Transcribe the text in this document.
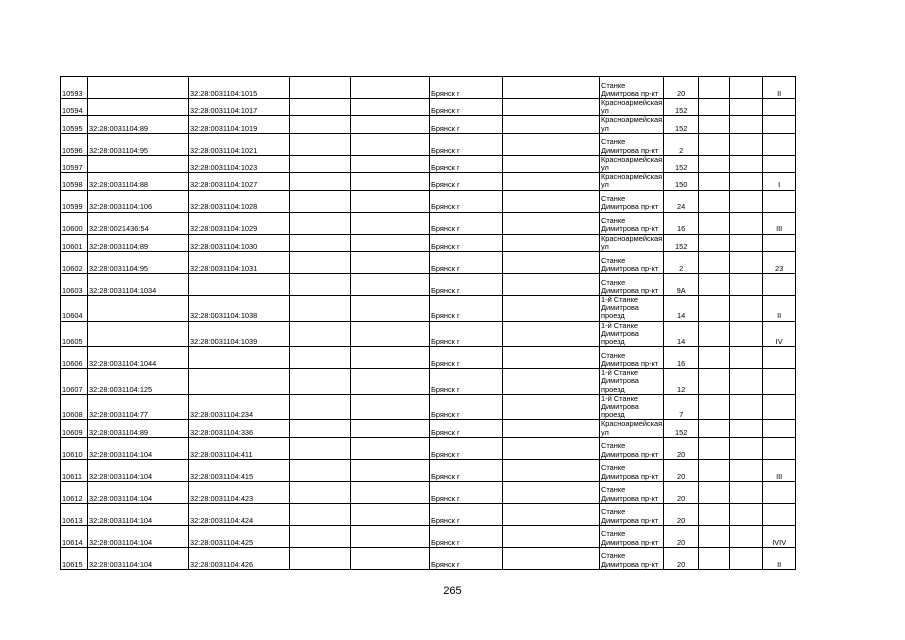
10593		32:28:0031104:1015			Брянск г		Станке Димитрова пр-кт	20			II
10594		32:28:0031104:1017			Брянск г		Красноармейская ул	152			
10595	32:28:0031104:89	32:28:0031104:1019			Брянск г		Красноармейская ул	152			
10596	32:28:0031104:95	32:28:0031104:1021			Брянск г		Станке Димитрова пр-кт	2			
10597		32:28:0031104:1023			Брянск г		Красноармейская ул	152			
10598	32:28:0031104:88	32:28:0031104:1027			Брянск г		Красноармейская ул	150			I
10599	32:28:0031104:106	32:28:0031104:1028			Брянск г		Станке Димитрова пр-кт	24			
10600	32:28:0021436:54	32:28:0031104:1029			Брянск г		Станке Димитрова пр-кт	16			III
10601	32:28:0031104:89	32:28:0031104:1030			Брянск г		Красноармейская ул	152			
10602	32:28:0031104:95	32:28:0031104:1031			Брянск г		Станке Димитрова пр-кт	2			23
10603	32:28:0031104:1034				Брянск г		Станке Димитрова пр-кт	9А			
10604		32:28:0031104:1038			Брянск г		1-й Станке Димитрова проезд	14			II
10605		32:28:0031104:1039			Брянск г		1-й Станке Димитрова проезд	14			IV
10606	32:28:0031104:1044				Брянск г		Станке Димитрова пр-кт	16			
10607	32:28:0031104:125				Брянск г		1-й Станке Димитрова проезд	12			
10608	32:28:0031104:77	32:28:0031104:234			Брянск г		1-й Станке Димитрова проезд	7			
10609	32:28:0031104:89	32:28:0031104:336			Брянск г		Красноармейская ул	152			
10610	32:28:0031104:104	32:28:0031104:411			Брянск г		Станке Димитрова пр-кт	20			
10611	32:28:0031104:104	32:28:0031104:415			Брянск г		Станке Димитрова пр-кт	20			III
10612	32:28:0031104:104	32:28:0031104:423			Брянск г		Станке Димитрова пр-кт	20			
10613	32:28:0031104:104	32:28:0031104:424			Брянск г		Станке Димитрова пр-кт	20			
10614	32:28:0031104:104	32:28:0031104:425			Брянск г		Станке Димитрова пр-кт	20			IVIV
10615	32:28:0031104:104	32:28:0031104:426			Брянск г		Станке Димитрова пр-кт	20			II
265
